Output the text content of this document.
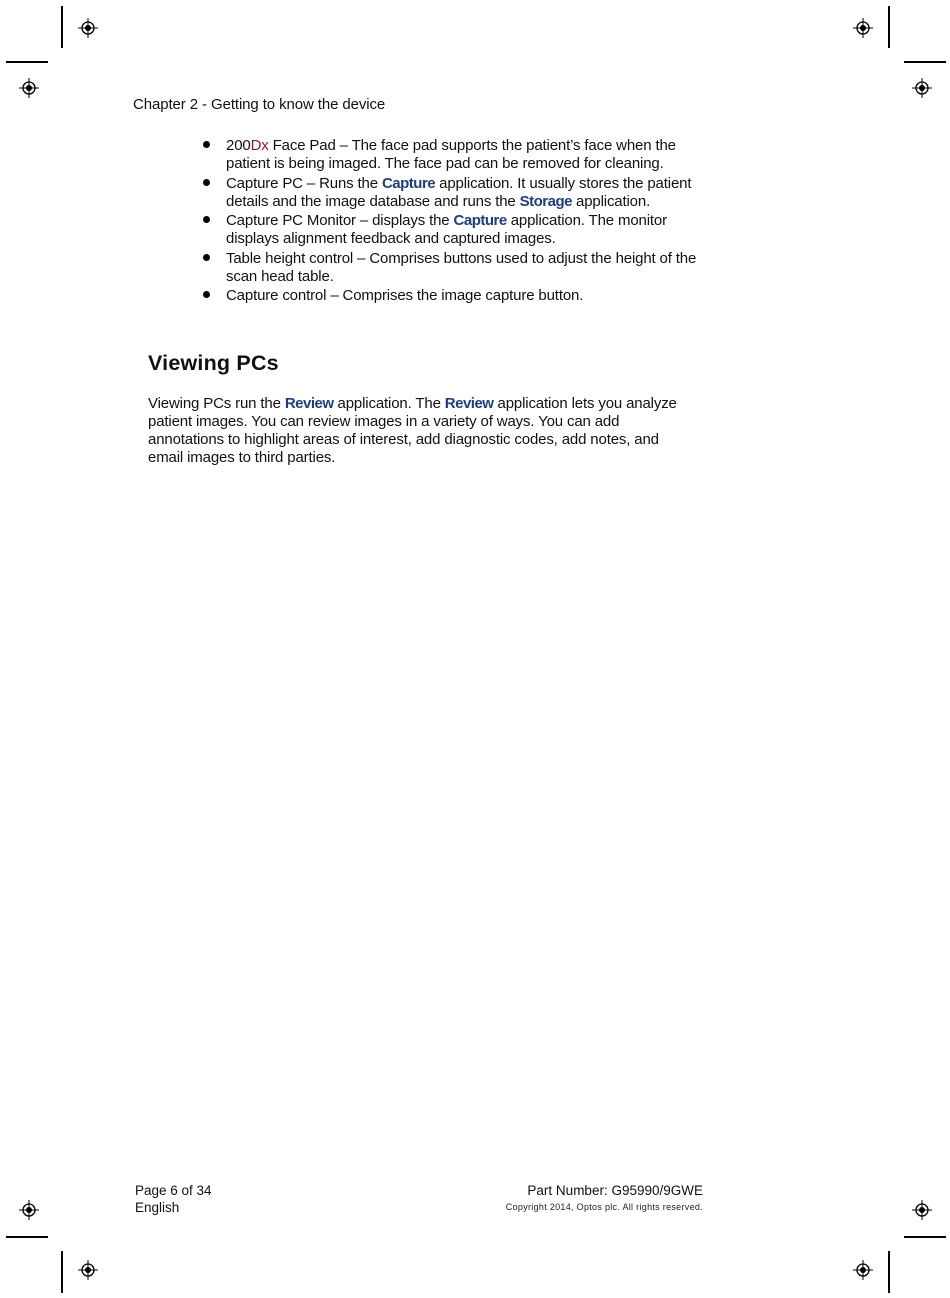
Chapter 2 - Getting to know the device
200Dx Face Pad – The face pad supports the patient’s face when the patient is being imaged. The face pad can be removed for cleaning.
Capture PC – Runs the Capture application. It usually stores the patient details and the image database and runs the Storage application.
Capture PC Monitor – displays the Capture application. The monitor displays alignment feedback and captured images.
Table height control – Comprises buttons used to adjust the height of the scan head table.
Capture control – Comprises the image capture button.
Viewing PCs

Viewing PCs run the Review application. The Review application lets you analyze patient images. You can review images in a variety of ways. You can add annotations to highlight areas of interest, add diagnostic codes, add notes, and email images to third parties.

Page 6 of 34
English
Part Number: G95990/9GWE
Copyright 2014, Optos plc. All rights reserved.
